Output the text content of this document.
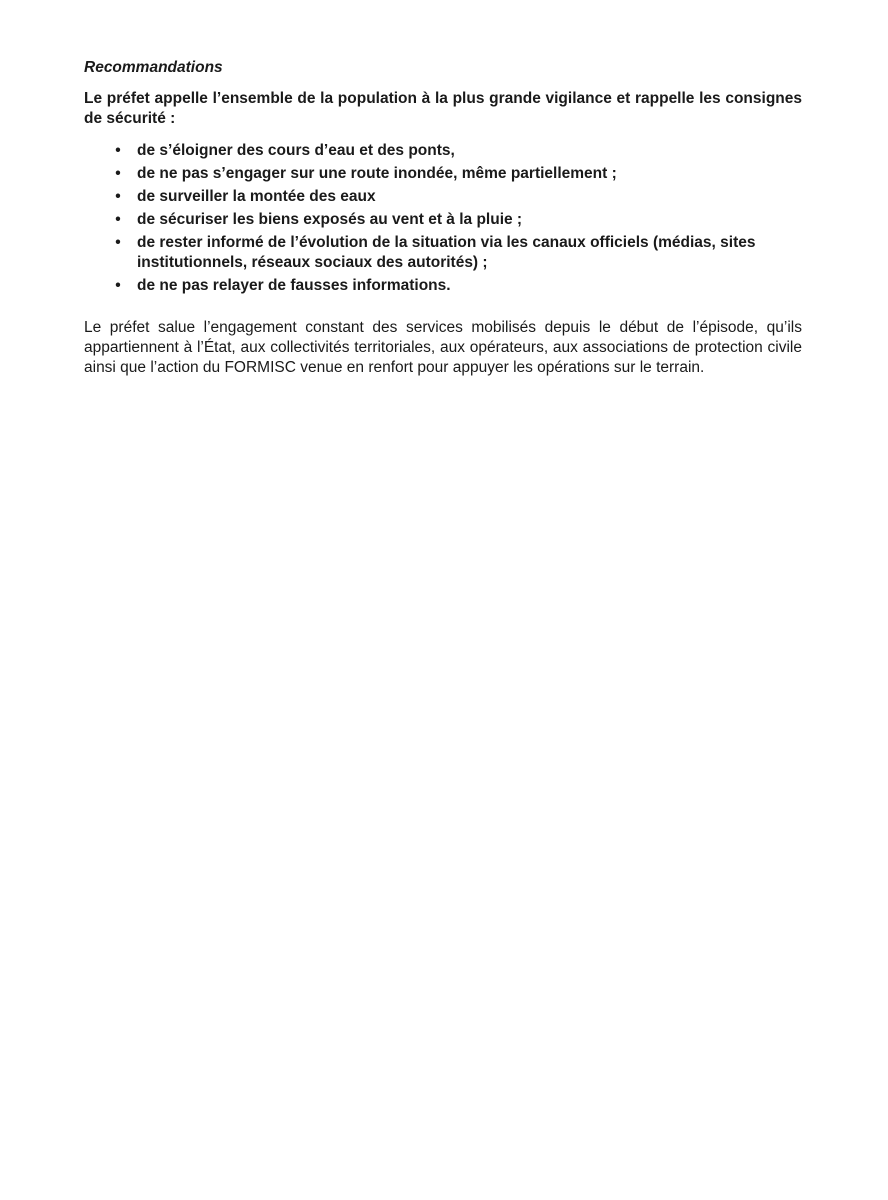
Recommandations

Le préfet appelle l’ensemble de la population à la plus grande vigilance et rappelle les consignes de sécurité :

• de s’éloigner des cours d’eau et des ponts,
• de ne pas s’engager sur une route inondée, même partiellement ;
• de surveiller la montée des eaux
• de sécuriser les biens exposés au vent et à la pluie ;
• de rester informé de l’évolution de la situation via les canaux officiels (médias, sites institutionnels, réseaux sociaux des autorités) ;
• de ne pas relayer de fausses informations.

Le préfet salue l’engagement constant des services mobilisés depuis le début de l’épisode, qu’ils appartiennent à l’État, aux collectivités territoriales, aux opérateurs, aux associations de protection civile ainsi que l’action du FORMISC venue en renfort pour appuyer les opérations sur le terrain.
